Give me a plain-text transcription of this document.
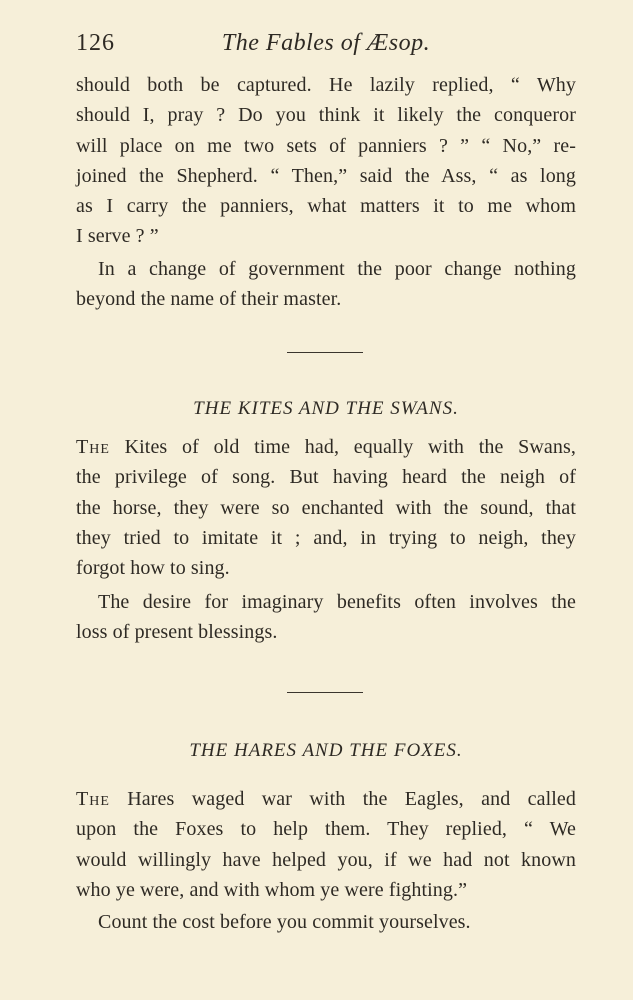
126	The Fables of Æsop.
should both be captured. He lazily replied, “ Why
should I, pray ? Do you think it likely the conqueror
will place on me two sets of panniers ? ” “ No,” re-
joined the Shepherd. “ Then,” said the Ass, “ as long
as I carry the panniers, what matters it to me whom
I serve ? ”
In a change of government the poor change nothing
beyond the name of their master.
THE KITES AND THE SWANS.
The Kites of old time had, equally with the Swans,
the privilege of song. But having heard the neigh of
the horse, they were so enchanted with the sound, that
they tried to imitate it ; and, in trying to neigh, they
forgot how to sing.
The desire for imaginary benefits often involves the
loss of present blessings.
THE HARES AND THE FOXES.
The Hares waged war with the Eagles, and called
upon the Foxes to help them. They replied, “ We
would willingly have helped you, if we had not known
who ye were, and with whom ye were fighting.”
Count the cost before you commit yourselves.
